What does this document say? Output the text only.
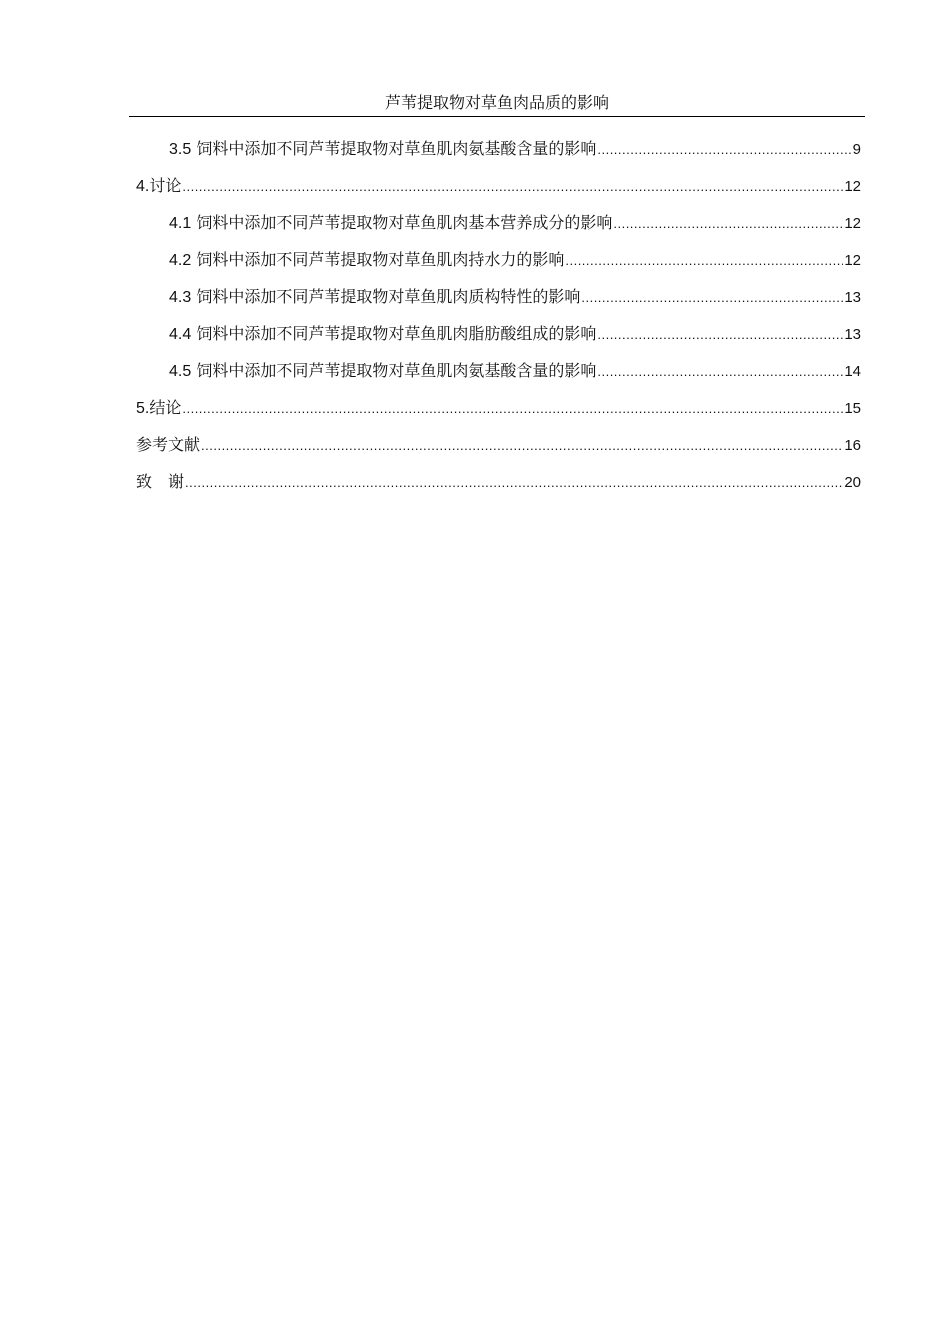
芦苇提取物对草鱼肉品质的影响
3.5 饲料中添加不同芦苇提取物对草鱼肌肉氨基酸含量的影响 .....	9
4.讨论 .....	12
4.1 饲料中添加不同芦苇提取物对草鱼肌肉基本营养成分的影响 .....	12
4.2 饲料中添加不同芦苇提取物对草鱼肌肉持水力的影响 .....	12
4.3 饲料中添加不同芦苇提取物对草鱼肌肉质构特性的影响 .....	13
4.4 饲料中添加不同芦苇提取物对草鱼肌肉脂肪酸组成的影响 .....	13
4.5 饲料中添加不同芦苇提取物对草鱼肌肉氨基酸含量的影响 .....	14
5.结论 .....	15
参考文献 .....	16
致　谢 .....	20
